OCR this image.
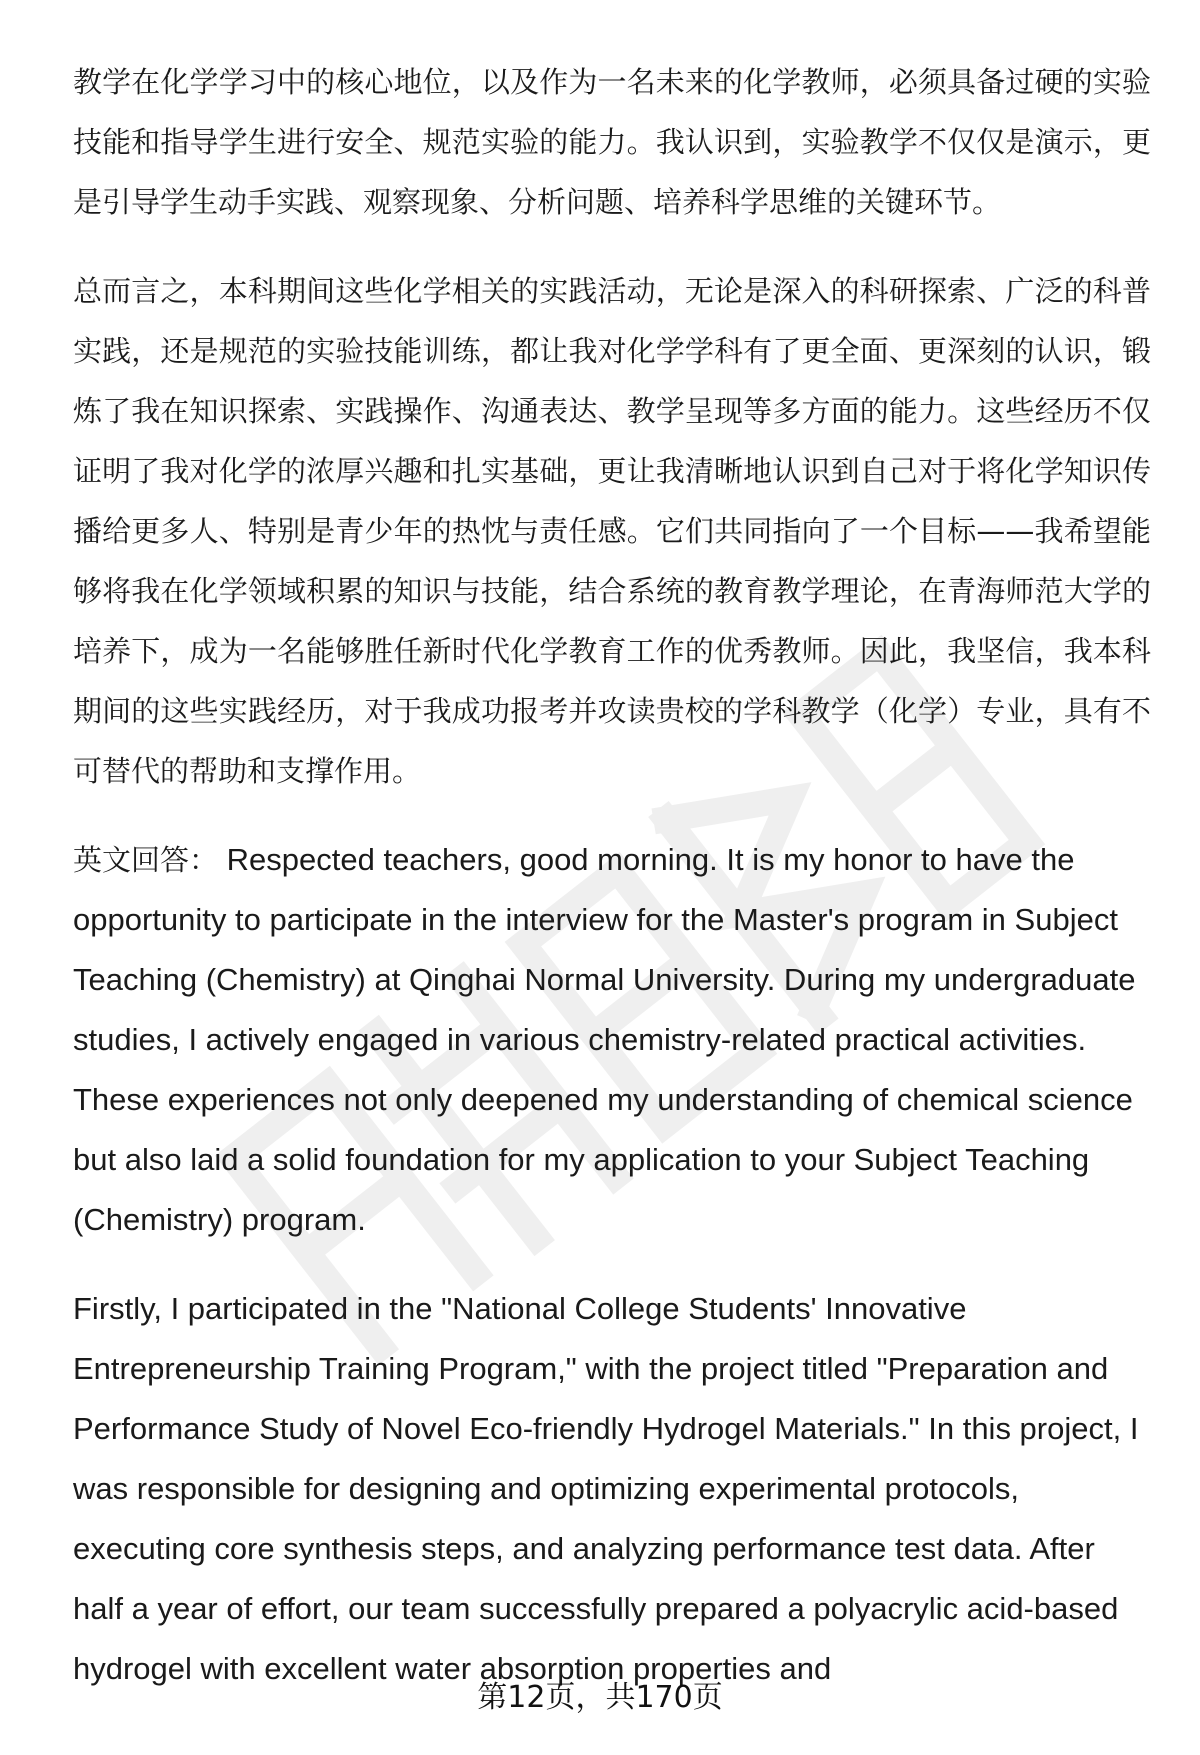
教学在化学学习中的核心地位，以及作为一名未来的化学教师，必须具备过硬的实验技能和指导学生进行安全、规范实验的能力。我认识到，实验教学不仅仅是演示，更是引导学生动手实践、观察现象、分析问题、培养科学思维的关键环节。

总而言之，本科期间这些化学相关的实践活动，无论是深入的科研探索、广泛的科普实践，还是规范的实验技能训练，都让我对化学学科有了更全面、更深刻的认识，锻炼了我在知识探索、实践操作、沟通表达、教学呈现等多方面的能力。这些经历不仅证明了我对化学的浓厚兴趣和扎实基础，更让我清晰地认识到自己对于将化学知识传播给更多人、特别是青少年的热忱与责任感。它们共同指向了一个目标——我希望能够将我在化学领域积累的知识与技能，结合系统的教育教学理论，在青海师范大学的培养下，成为一名能够胜任新时代化学教育工作的优秀教师。因此，我坚信，我本科期间的这些实践经历，对于我成功报考并攻读贵校的学科教学（化学）专业，具有不可替代的帮助和支撑作用。

英文回答： Respected teachers, good morning. It is my honor to have the opportunity to participate in the interview for the Master's program in Subject Teaching (Chemistry) at Qinghai Normal University. During my undergraduate studies, I actively engaged in various chemistry-related practical activities. These experiences not only deepened my understanding of chemical science but also laid a solid foundation for my application to your Subject Teaching (Chemistry) program.

Firstly, I participated in the "National College Students' Innovative Entrepreneurship Training Program," with the project titled "Preparation and Performance Study of Novel Eco-friendly Hydrogel Materials." In this project, I was responsible for designing and optimizing experimental protocols, executing core synthesis steps, and analyzing performance test data. After half a year of effort, our team successfully prepared a polyacrylic acid-based hydrogel with excellent water absorption properties and

第12页，共170页
